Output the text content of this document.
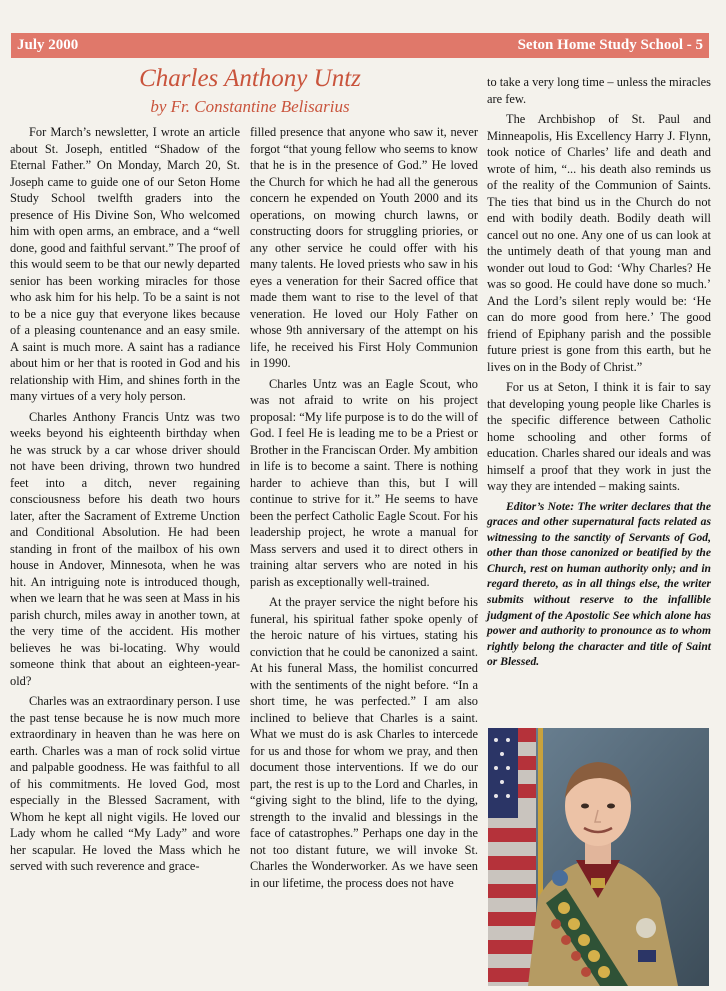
July 2000	Seton Home Study School - 5
Charles Anthony Untz
by Fr. Constantine Belisarius

For March’s newsletter, I wrote an article about St. Joseph, entitled “Shadow of the Eternal Father.” On Monday, March 20, St. Joseph came to guide one of our Seton Home Study School twelfth graders into the presence of His Divine Son, Who welcomed him with open arms, an embrace, and a “well done, good and faithful servant.” The proof of this would seem to be that our newly departed senior has been working miracles for those who ask him for his help. To be a saint is not to be a nice guy that everyone likes because of a pleasing countenance and an easy smile. A saint is much more. A saint has a radiance about him or her that is rooted in God and his relationship with Him, and shines forth in the many virtues of a very holy person.

Charles Anthony Francis Untz was two weeks beyond his eighteenth birthday when he was struck by a car whose driver should not have been driving, thrown two hundred feet into a ditch, never regaining consciousness before his death two hours later, after the Sacrament of Extreme Unction and Conditional Absolution. He had been standing in front of the mailbox of his own house in Andover, Minnesota, when he was hit. An intriguing note is introduced though, when we learn that he was seen at Mass in his parish church, miles away in another town, at the very time of the accident. His mother believes he was bi-locating. Why would someone think that about an eighteen-year-old?

Charles was an extraordinary person. I use the past tense because he is now much more extraordinary in heaven than he was here on earth. Charles was a man of rock solid virtue and palpable goodness. He was faithful to all of his commitments. He loved God, most especially in the Blessed Sacrament, with Whom he kept all night vigils. He loved our Lady whom he called “My Lady” and wore her scapular. He loved the Mass which he served with such reverence and grace-

filled presence that anyone who saw it, never forgot “that young fellow who seems to know that he is in the presence of God.” He loved the Church for which he had all the generous concern he expended on Youth 2000 and its operations, on mowing church lawns, or constructing doors for struggling priories, or any other service he could offer with his many talents. He loved priests who saw in his eyes a veneration for their Sacred office that made them want to rise to the level of that veneration. He loved our Holy Father on whose 9th anniversary of the attempt on his life, he received his First Holy Communion in 1990.

Charles Untz was an Eagle Scout, who was not afraid to write on his project proposal: “My life purpose is to do the will of God. I feel He is leading me to be a Priest or Brother in the Franciscan Order. My ambition in life is to become a saint. There is nothing harder to achieve than this, but I will continue to strive for it.” He seems to have been the perfect Catholic Eagle Scout. For his leadership project, he wrote a manual for Mass servers and used it to direct others in training altar servers who are noted in his parish as exceptionally well-trained.

At the prayer service the night before his funeral, his spiritual father spoke openly of the heroic nature of his virtues, stating his conviction that he could be canonized a saint. At his funeral Mass, the homilist concurred with the sentiments of the night before. “In a short time, he was perfected.” I am also inclined to believe that Charles is a saint. What we must do is ask Charles to intercede for us and those for whom we pray, and then document those interventions. If we do our part, the rest is up to the Lord and Charles, in “giving sight to the blind, life to the dying, strength to the invalid and blessings in the face of catastrophes.” Perhaps one day in the not too distant future, we will invoke St. Charles the Wonderworker. As we have seen in our lifetime, the process does not have

to take a very long time – unless the miracles are few.

The Archbishop of St. Paul and Minneapolis, His Excellency Harry J. Flynn, took notice of Charles’ life and death and wrote of him, “... his death also reminds us of the reality of the Communion of Saints. The ties that bind us in the Church do not end with bodily death. Bodily death will cancel out no one. Any one of us can look at the untimely death of that young man and wonder out loud to God: ‘Why Charles? He was so good. He could have done so much.’ And the Lord’s silent reply would be: ‘He can do more good from here.’ The good friend of Epiphany parish and the possible future priest is gone from this earth, but he lives on in the Body of Christ.”

For us at Seton, I think it is fair to say that developing young people like Charles is the specific difference between Catholic home schooling and other forms of education. Charles shared our ideals and was himself a proof that they work in just the way they are intended – making saints.

Editor’s Note: The writer declares that the graces and other supernatural facts related as witnessing to the sanctity of Servants of God, other than those canonized or beatified by the Church, rest on human authority only; and in regard thereto, as in all things else, the writer submits without reserve to the infallible judgment of the Apostolic See which alone has power and authority to pronounce as to whom rightly belong the character and title of Saint or Blessed.
